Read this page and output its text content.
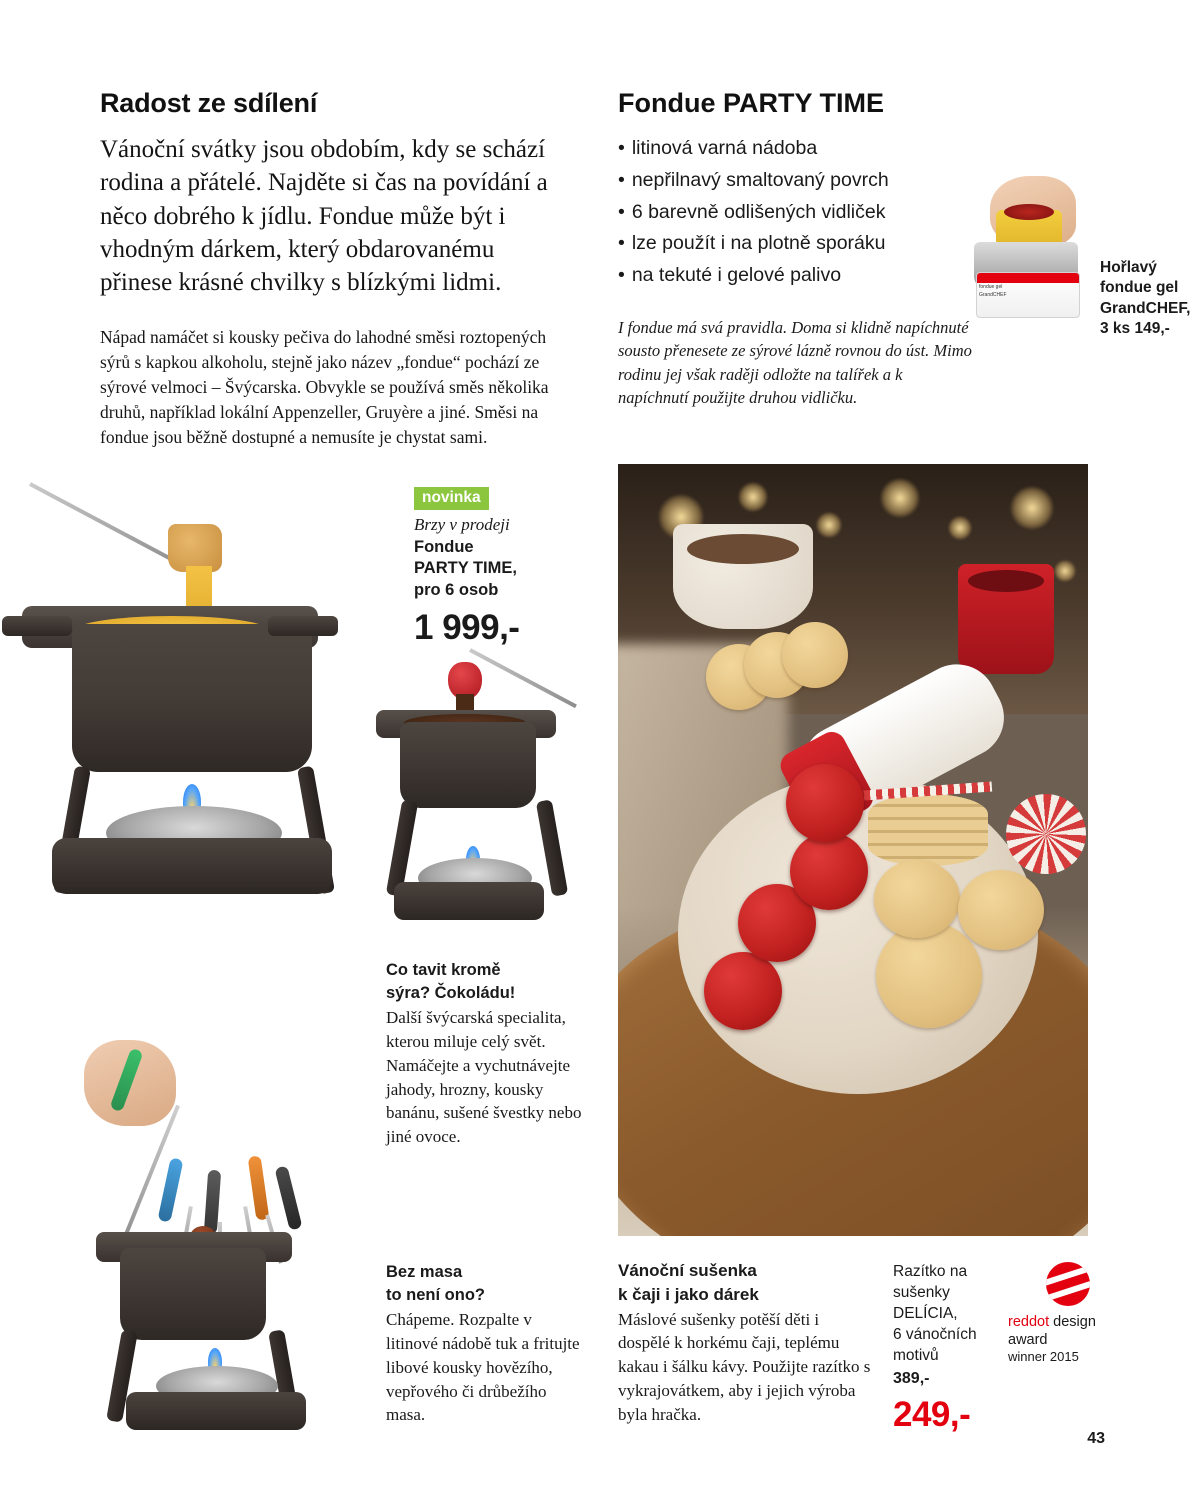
Radost ze sdílení

Vánoční svátky jsou obdobím, kdy se schází rodina a přátelé. Najděte si čas na povídání a něco dobrého k jídlu. Fondue může být i vhodným dárkem, který obdarovanému přinese krásné chvilky s blízkými lidmi.

Nápad namáčet si kousky pečiva do lahodné směsi roztopených sýrů s kapkou alkoholu, stejně jako název „fondue“ pochází ze sýrové velmoci – Švýcarska. Obvykle se používá směs několika druhů, například lokální Appenzeller, Gruyère a jiné. Směsi na fondue jsou běžně dostupné a nemusíte je chystat sami.

Fondue PARTY TIME
• litinová varná nádoba
• nepřilnavý smaltovaný povrch
• 6 barevně odlišených vidliček
• lze použít i na plotně sporáku
• na tekuté i gelové palivo

I fondue má svá pravidla. Doma si klidně napíchnuté sousto přenesete ze sýrové lázně rovnou do úst. Mimo rodinu jej však raději odložte na talířek a k napíchnutí použijte druhou vidličku.

fondue gel
GrandCHEF
Hořlavý
fondue gel
GrandCHEF,
3 ks 149,-
novinka
Brzy v prodeji
Fondue
PARTY TIME,
pro 6 osob
1 999,-
Co tavit kromě
sýra? Čokoládu!

Další švýcarská specialita, kterou miluje celý svět. Namáčejte a vychutnávejte jahody, hrozny, kousky banánu, sušené švestky nebo jiné ovoce.

Bez masa
to není ono?

Chápeme. Rozpalte v litinové nádobě tuk a fritujte libové kousky hovězího, vepřového či drůbežího masa.

Vánoční sušenka
k čaji i jako dárek

Máslové sušenky potěší děti i dospělé k horkému čaji, teplému kakau i šálku kávy. Použijte razítko s vykrajovátkem, aby i jejich výroba byla hračka.

Razítko na
sušenky
DELÍCIA,
6 vánočních
motivů
389,-
249,-
reddot design award
winner 2015
43
